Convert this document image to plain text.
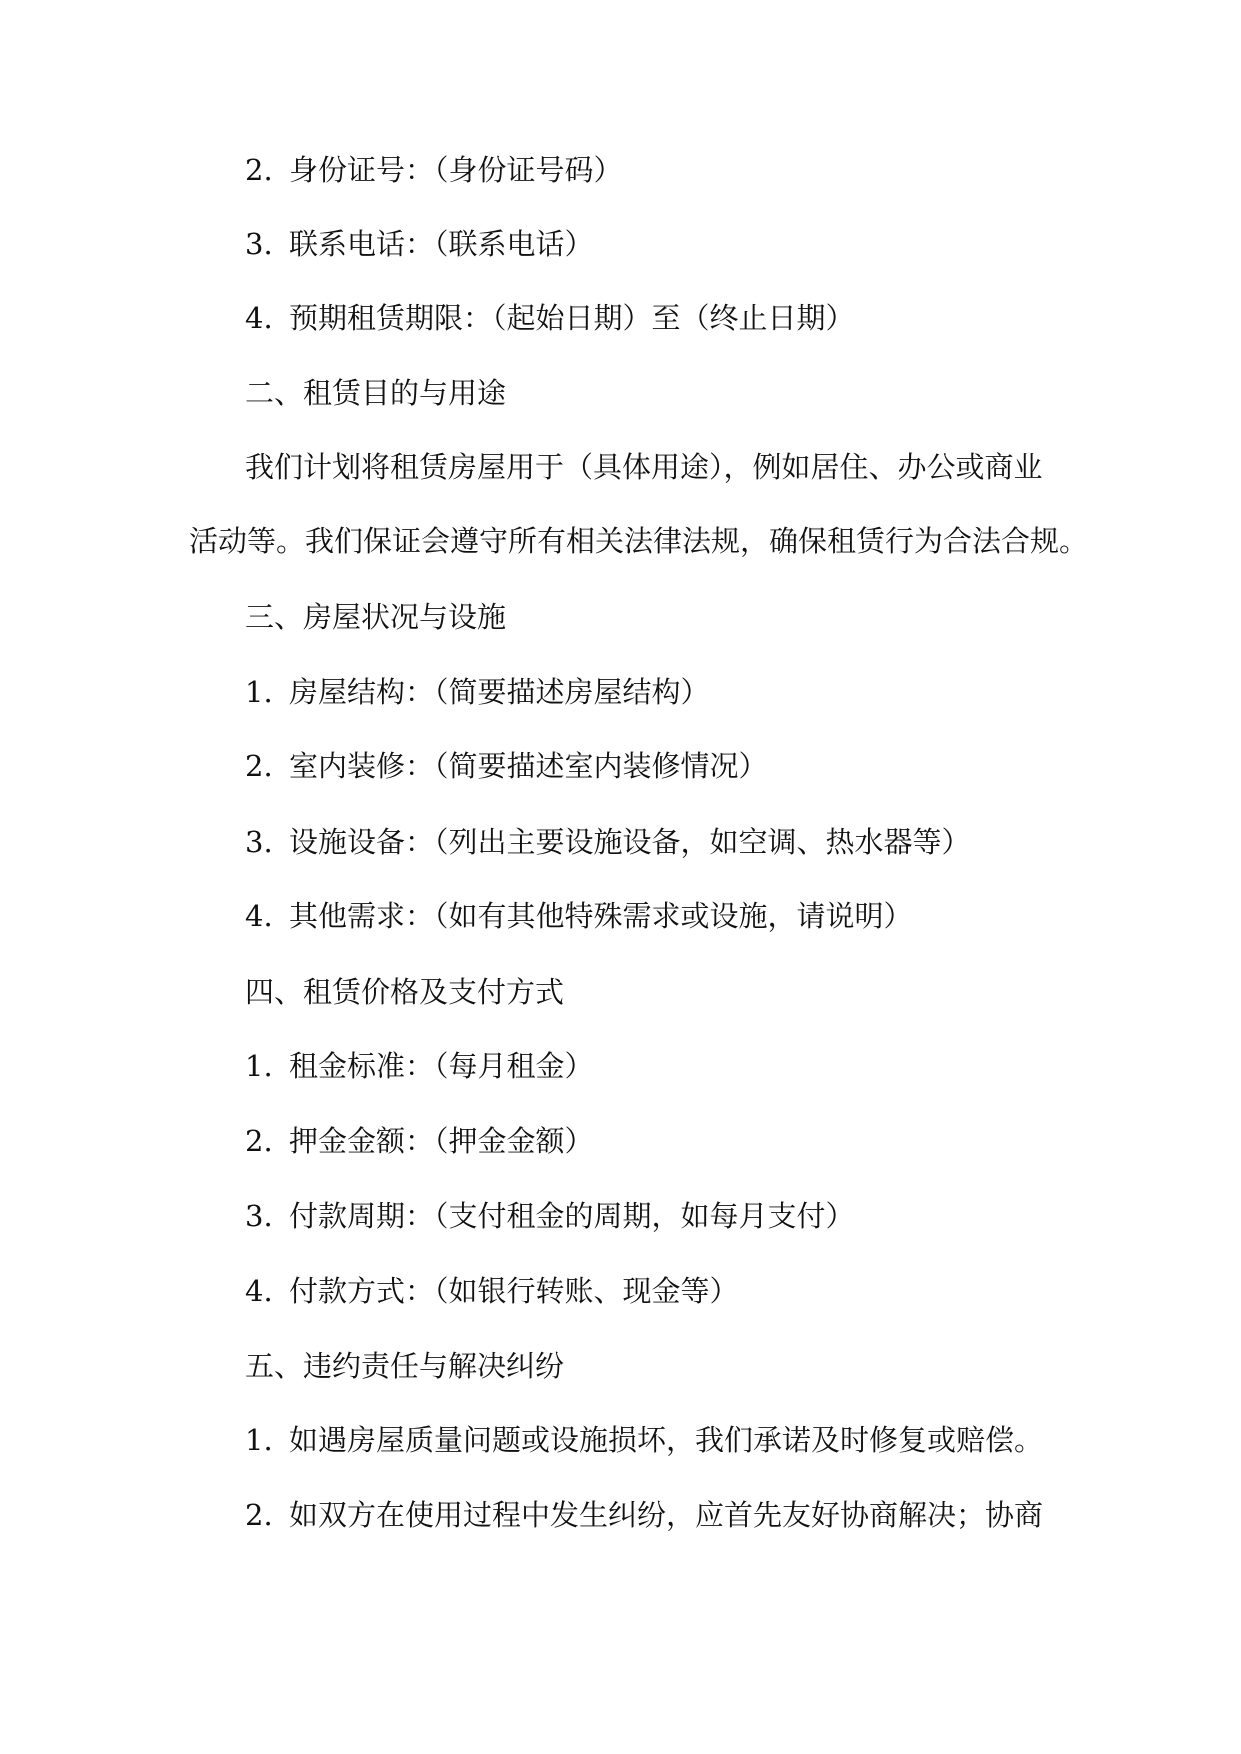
2. 身份证号：（身份证号码）
3. 联系电话：（联系电话）
4. 预期租赁期限：（起始日期）至（终止日期）
二、租赁目的与用途
我们计划将租赁房屋用于（具体用途），例如居住、办公或商业
活动等。我们保证会遵守所有相关法律法规，确保租赁行为合法合规。
三、房屋状况与设施
1. 房屋结构：（简要描述房屋结构）
2. 室内装修：（简要描述室内装修情况）
3. 设施设备：（列出主要设施设备，如空调、热水器等）
4. 其他需求：（如有其他特殊需求或设施，请说明）
四、租赁价格及支付方式
1. 租金标准：（每月租金）
2. 押金金额：（押金金额）
3. 付款周期：（支付租金的周期，如每月支付）
4. 付款方式：（如银行转账、现金等）
五、违约责任与解决纠纷
1. 如遇房屋质量问题或设施损坏，我们承诺及时修复或赔偿。
2. 如双方在使用过程中发生纠纷，应首先友好协商解决；协商
